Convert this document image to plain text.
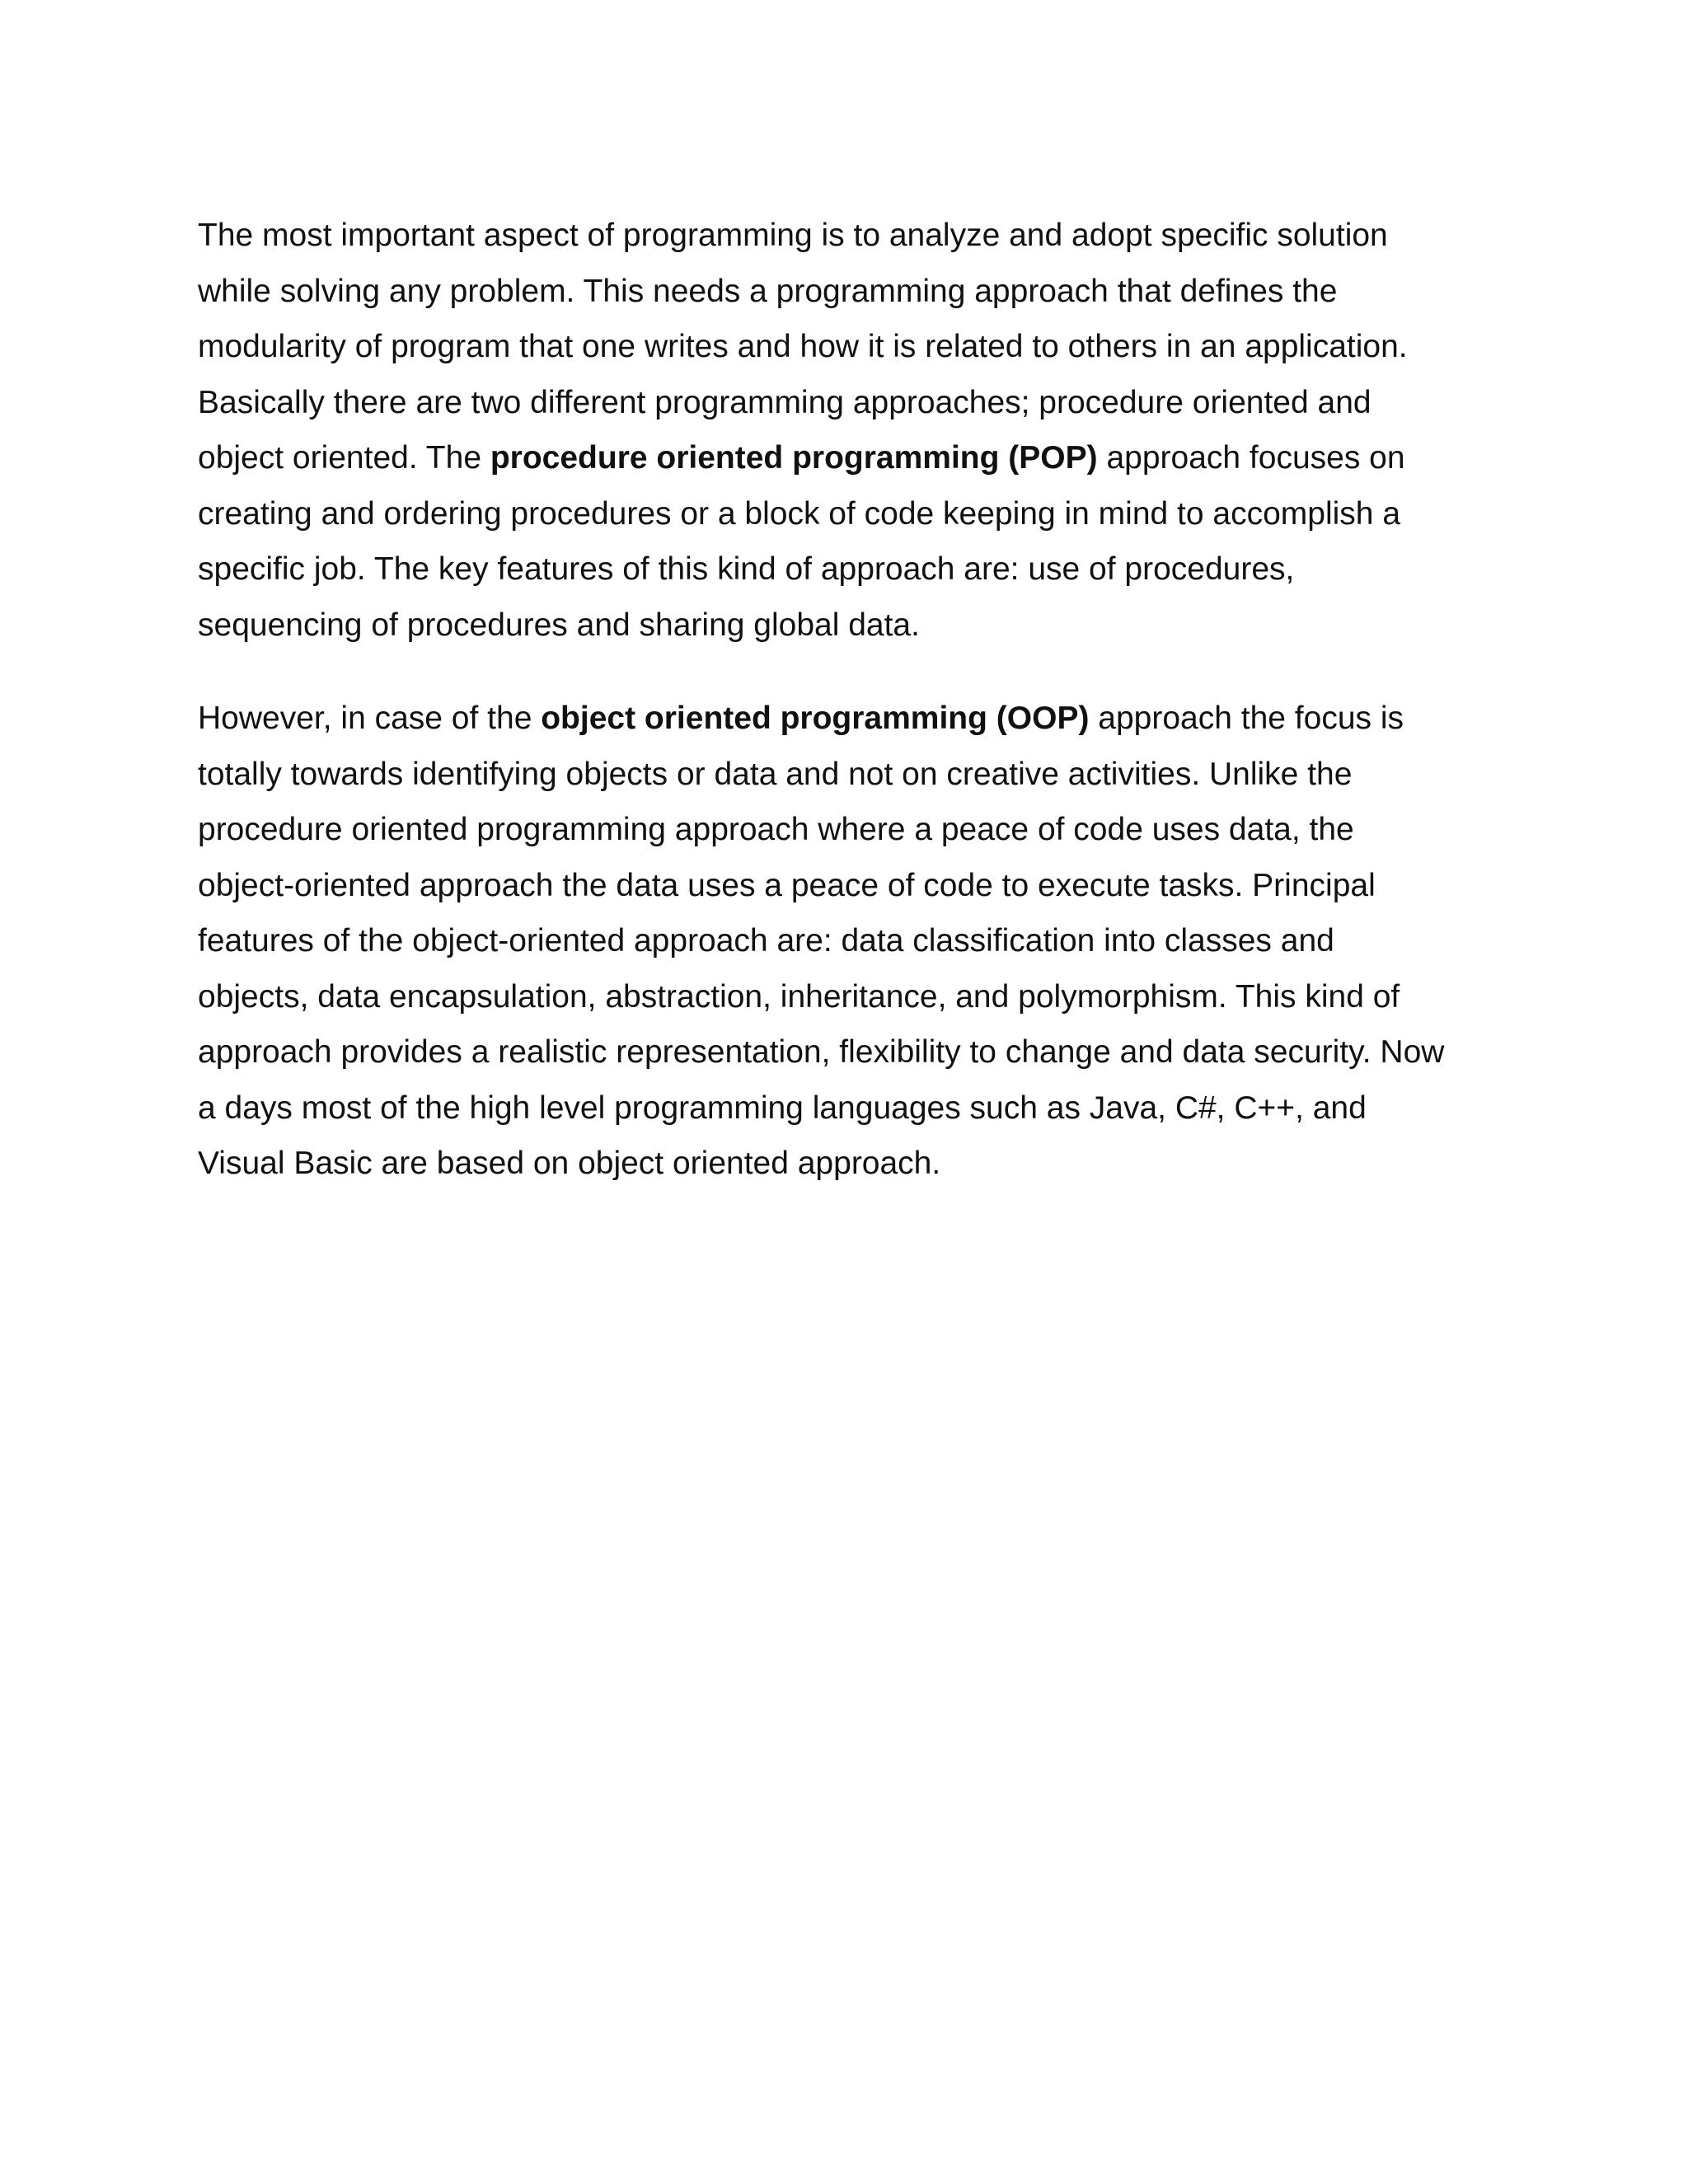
The most important aspect of programming is to analyze and adopt specific solution
while solving any problem. This needs a programming approach that defines the
modularity of program that one writes and how it is related to others in an application.
Basically there are two different programming approaches; procedure oriented and
object oriented. The procedure oriented programming (POP) approach focuses on
creating and ordering procedures or a block of code keeping in mind to accomplish a
specific job. The key features of this kind of approach are: use of procedures,
sequencing of procedures and sharing global data.

However, in case of the object oriented programming (OOP) approach the focus is
totally towards identifying objects or data and not on creative activities. Unlike the
procedure oriented programming approach where a peace of code uses data, the
object-oriented approach the data uses a peace of code to execute tasks. Principal
features of the object-oriented approach are: data classification into classes and
objects, data encapsulation, abstraction, inheritance, and polymorphism. This kind of
approach provides a realistic representation, flexibility to change and data security. Now
a days most of the high level programming languages such as Java, C#, C++, and
Visual Basic are based on object oriented approach.
